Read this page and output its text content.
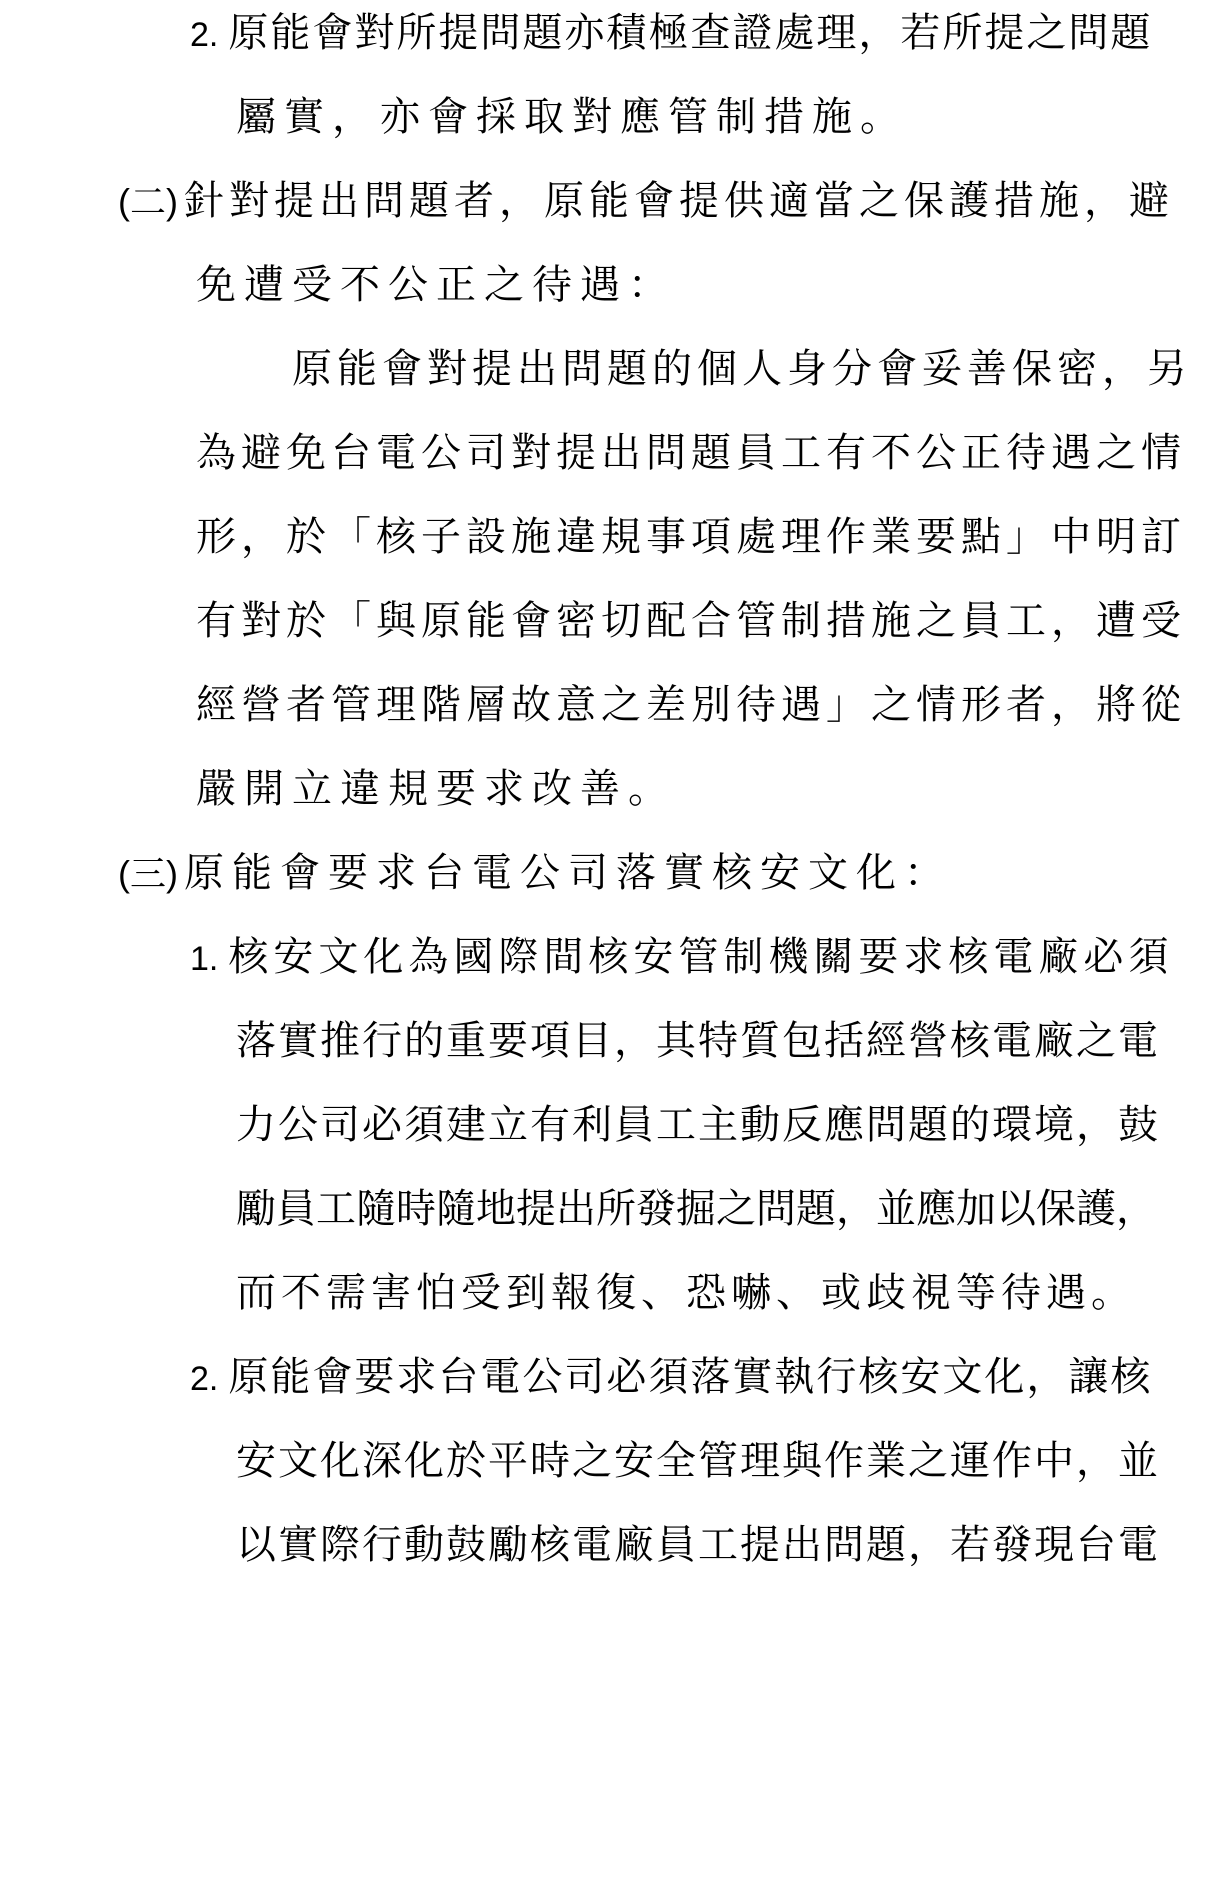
2. 原能會對所提問題亦積極查證處理，若所提之問題
屬實，亦會採取對應管制措施。
(二) 針對提出問題者，原能會提供適當之保護措施，避
免遭受不公正之待遇：
原能會對提出問題的個人身分會妥善保密，另
為避免台電公司對提出問題員工有不公正待遇之情
形，於「核子設施違規事項處理作業要點」中明訂
有對於「與原能會密切配合管制措施之員工，遭受
經營者管理階層故意之差別待遇」之情形者，將從
嚴開立違規要求改善。
(三) 原能會要求台電公司落實核安文化：
1. 核安文化為國際間核安管制機關要求核電廠必須
落實推行的重要項目，其特質包括經營核電廠之電
力公司必須建立有利員工主動反應問題的環境，鼓
勵員工隨時隨地提出所發掘之問題，並應加以保護，
而不需害怕受到報復、恐嚇、或歧視等待遇。
2. 原能會要求台電公司必須落實執行核安文化，讓核
安文化深化於平時之安全管理與作業之運作中，並
以實際行動鼓勵核電廠員工提出問題，若發現台電
